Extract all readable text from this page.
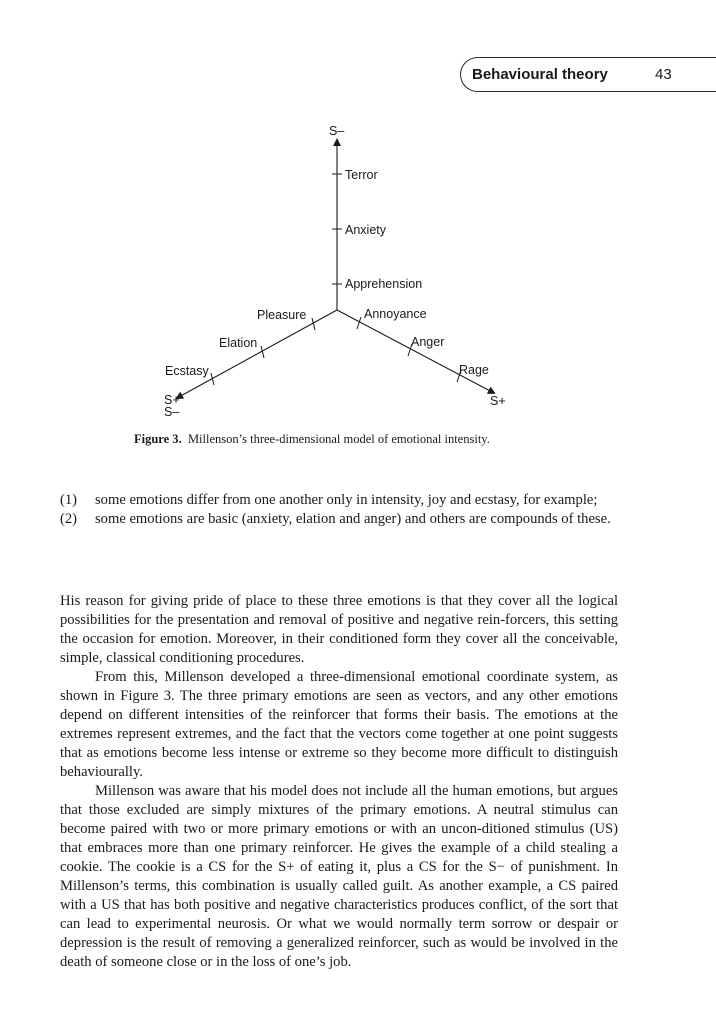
Behavioural theory	43
S–
Terror
Anxiety
Apprehension
Pleasure	Annoyance
Elation	Anger
Ecstasy	Rage
S+
S–
S+
Figure 3. Millenson’s three-dimensional model of emotional intensity.
(1)	some emotions differ from one another only in intensity, joy and ecstasy, for example;
(2)	some emotions are basic (anxiety, elation and anger) and others are compounds of these.

His reason for giving pride of place to these three emotions is that they cover all the logical possibilities for the presentation and removal of positive and negative rein-forcers, this setting the occasion for emotion. Moreover, in their conditioned form they cover all the conceivable, simple, classical conditioning procedures.

From this, Millenson developed a three-dimensional emotional coordinate system, as shown in Figure 3. The three primary emotions are seen as vectors, and any other emotions depend on different intensities of the reinforcer that forms their basis. The emotions at the extremes represent extremes, and the fact that the vectors come together at one point suggests that as emotions become less intense or extreme so they become more difficult to distinguish behaviourally.

Millenson was aware that his model does not include all the human emotions, but argues that those excluded are simply mixtures of the primary emotions. A neutral stimulus can become paired with two or more primary emotions or with an uncon-ditioned stimulus (US) that embraces more than one primary reinforcer. He gives the example of a child stealing a cookie. The cookie is a CS for the S+ of eating it, plus a CS for the S− of punishment. In Millenson’s terms, this combination is usually called guilt. As another example, a CS paired with a US that has both positive and negative characteristics produces conflict, of the sort that can lead to experimental neurosis. Or what we would normally term sorrow or despair or depression is the result of removing a generalized reinforcer, such as would be involved in the death of someone close or in the loss of one’s job.
